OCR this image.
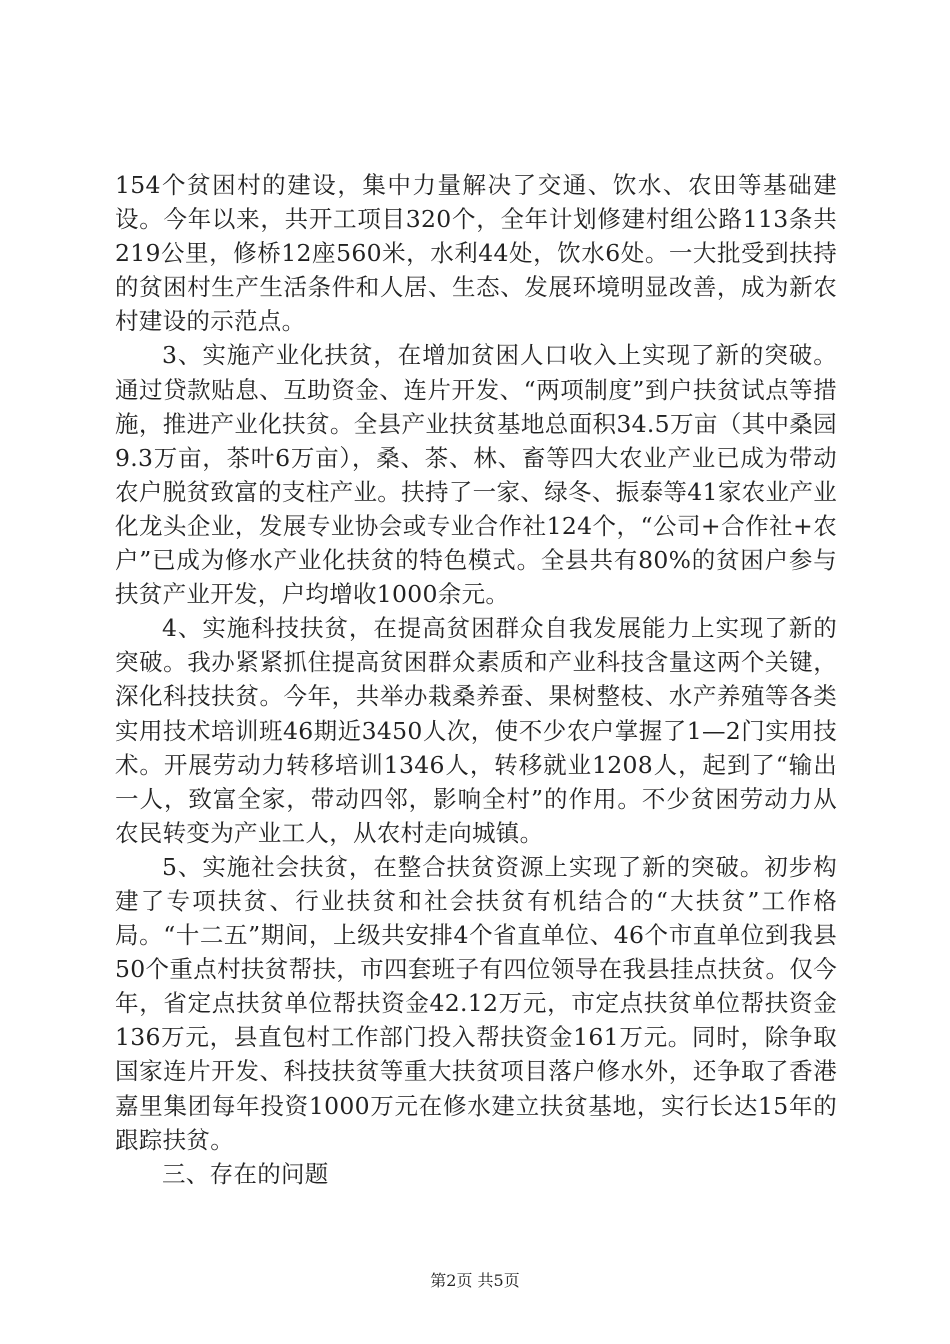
154个贫困村的建设，集中力量解决了交通、饮水、农田等基础建设。今年以来，共开工项目320个，全年计划修建村组公路113条共219公里，修桥12座560米，水利44处，饮水6处。一大批受到扶持的贫困村生产生活条件和人居、生态、发展环境明显改善，成为新农村建设的示范点。

3、实施产业化扶贫，在增加贫困人口收入上实现了新的突破。通过贷款贴息、互助资金、连片开发、“两项制度”到户扶贫试点等措施，推进产业化扶贫。全县产业扶贫基地总面积34.5万亩（其中桑园9.3万亩，茶叶6万亩），桑、茶、林、畜等四大农业产业已成为带动农户脱贫致富的支柱产业。扶持了一家、绿冬、振泰等41家农业产业化龙头企业，发展专业协会或专业合作社124个，“公司+合作社+农户”已成为修水产业化扶贫的特色模式。全县共有80%的贫困户参与扶贫产业开发，户均增收1000余元。

4、实施科技扶贫，在提高贫困群众自我发展能力上实现了新的突破。我办紧紧抓住提高贫困群众素质和产业科技含量这两个关键，深化科技扶贫。今年，共举办栽桑养蚕、果树整枝、水产养殖等各类实用技术培训班46期近3450人次，使不少农户掌握了1—2门实用技术。开展劳动力转移培训1346人，转移就业1208人，起到了“输出一人，致富全家，带动四邻，影响全村”的作用。不少贫困劳动力从农民转变为产业工人，从农村走向城镇。

5、实施社会扶贫，在整合扶贫资源上实现了新的突破。初步构建了专项扶贫、行业扶贫和社会扶贫有机结合的“大扶贫”工作格局。“十二五”期间，上级共安排4个省直单位、46个市直单位到我县50个重点村扶贫帮扶，市四套班子有四位领导在我县挂点扶贫。仅今年，省定点扶贫单位帮扶资金42.12万元，市定点扶贫单位帮扶资金136万元，县直包村工作部门投入帮扶资金161万元。同时，除争取国家连片开发、科技扶贫等重大扶贫项目落户修水外，还争取了香港嘉里集团每年投资1000万元在修水建立扶贫基地，实行长达15年的跟踪扶贫。

三、存在的问题

第2页 共5页
